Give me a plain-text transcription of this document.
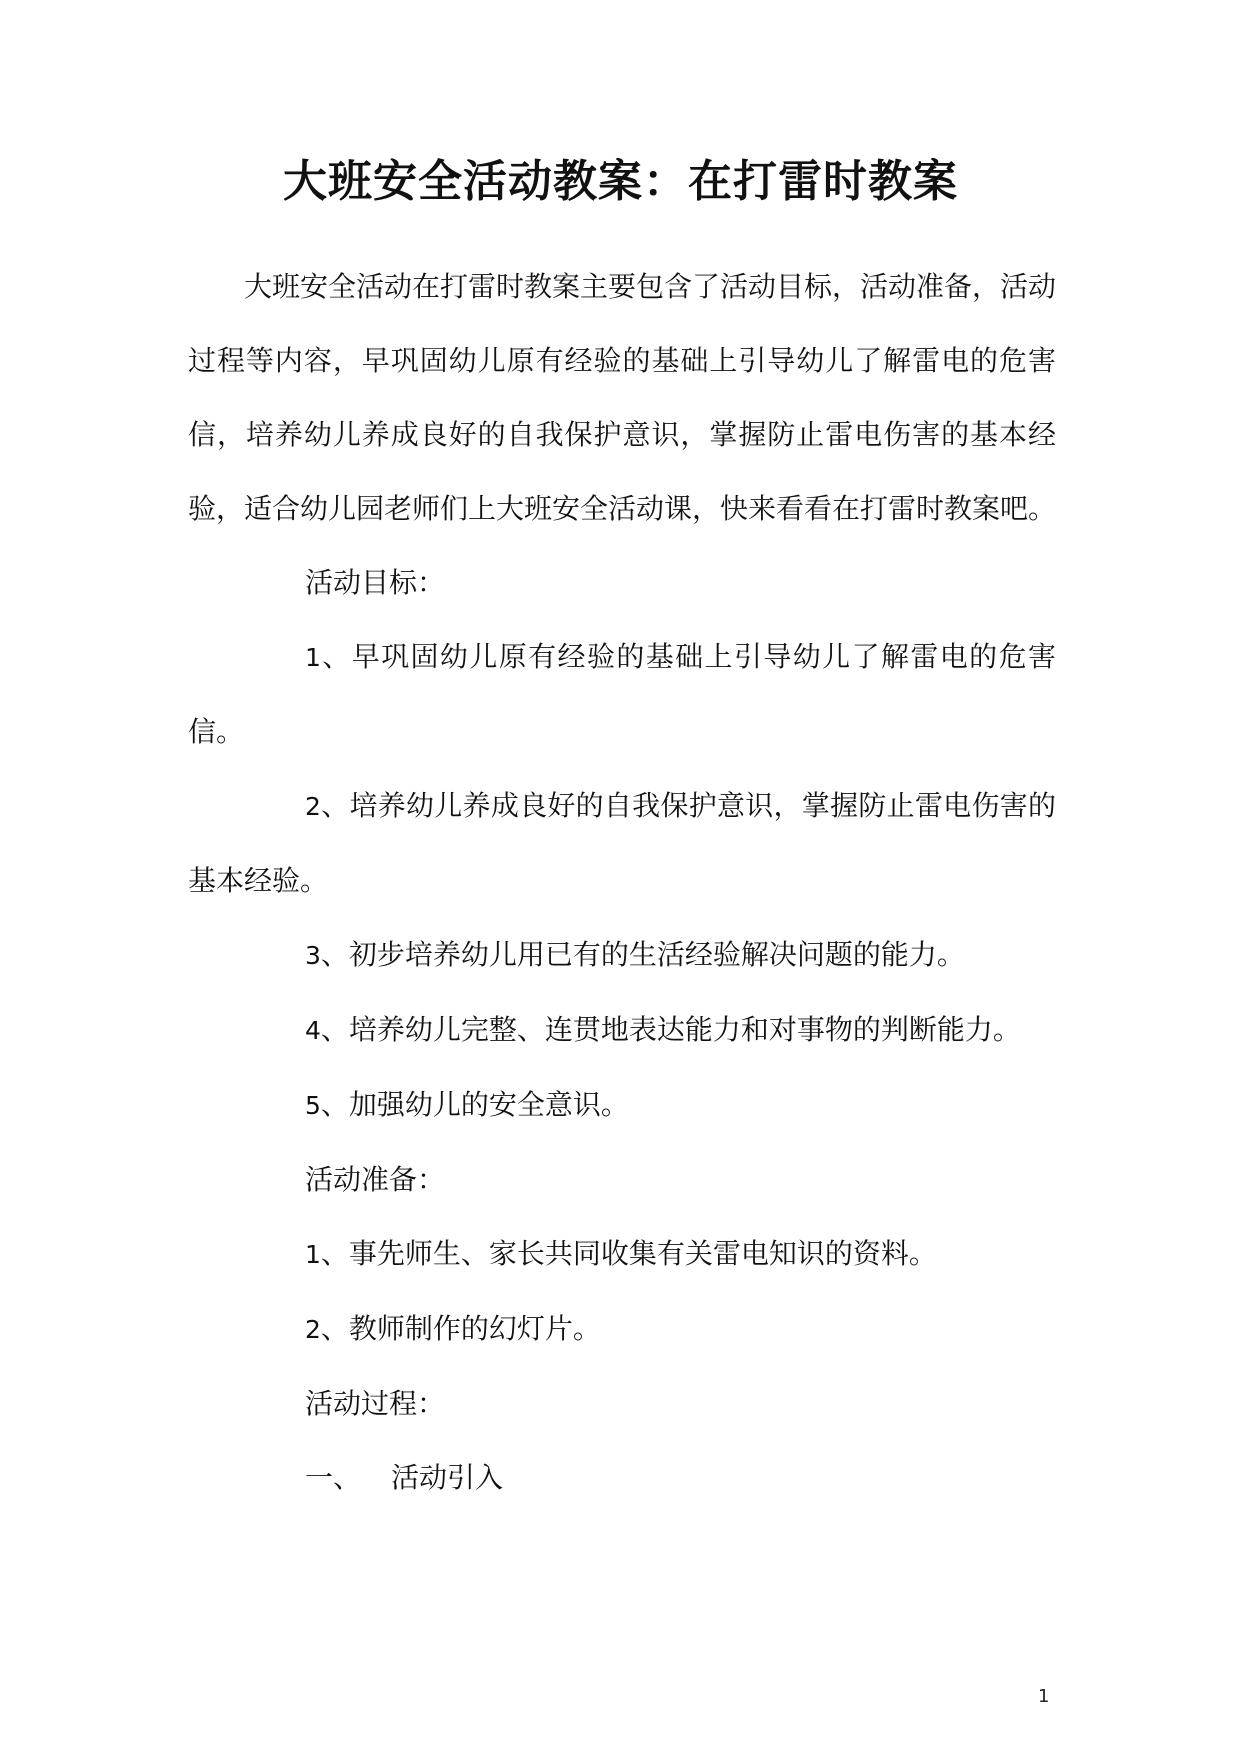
大班安全活动教案：在打雷时教案

大班安全活动在打雷时教案主要包含了活动目标，活动准备，活动过程等内容，早巩固幼儿原有经验的基础上引导幼儿了解雷电的危害信，培养幼儿养成良好的自我保护意识，掌握防止雷电伤害的基本经验，适合幼儿园老师们上大班安全活动课，快来看看在打雷时教案吧。

活动目标：

1、早巩固幼儿原有经验的基础上引导幼儿了解雷电的危害信。

2、培养幼儿养成良好的自我保护意识，掌握防止雷电伤害的基本经验。

3、初步培养幼儿用已有的生活经验解决问题的能力。

4、培养幼儿完整、连贯地表达能力和对事物的判断能力。

5、加强幼儿的安全意识。

活动准备：

1、事先师生、家长共同收集有关雷电知识的资料。

2、教师制作的幻灯片。

活动过程：

一、 活动引入

1
